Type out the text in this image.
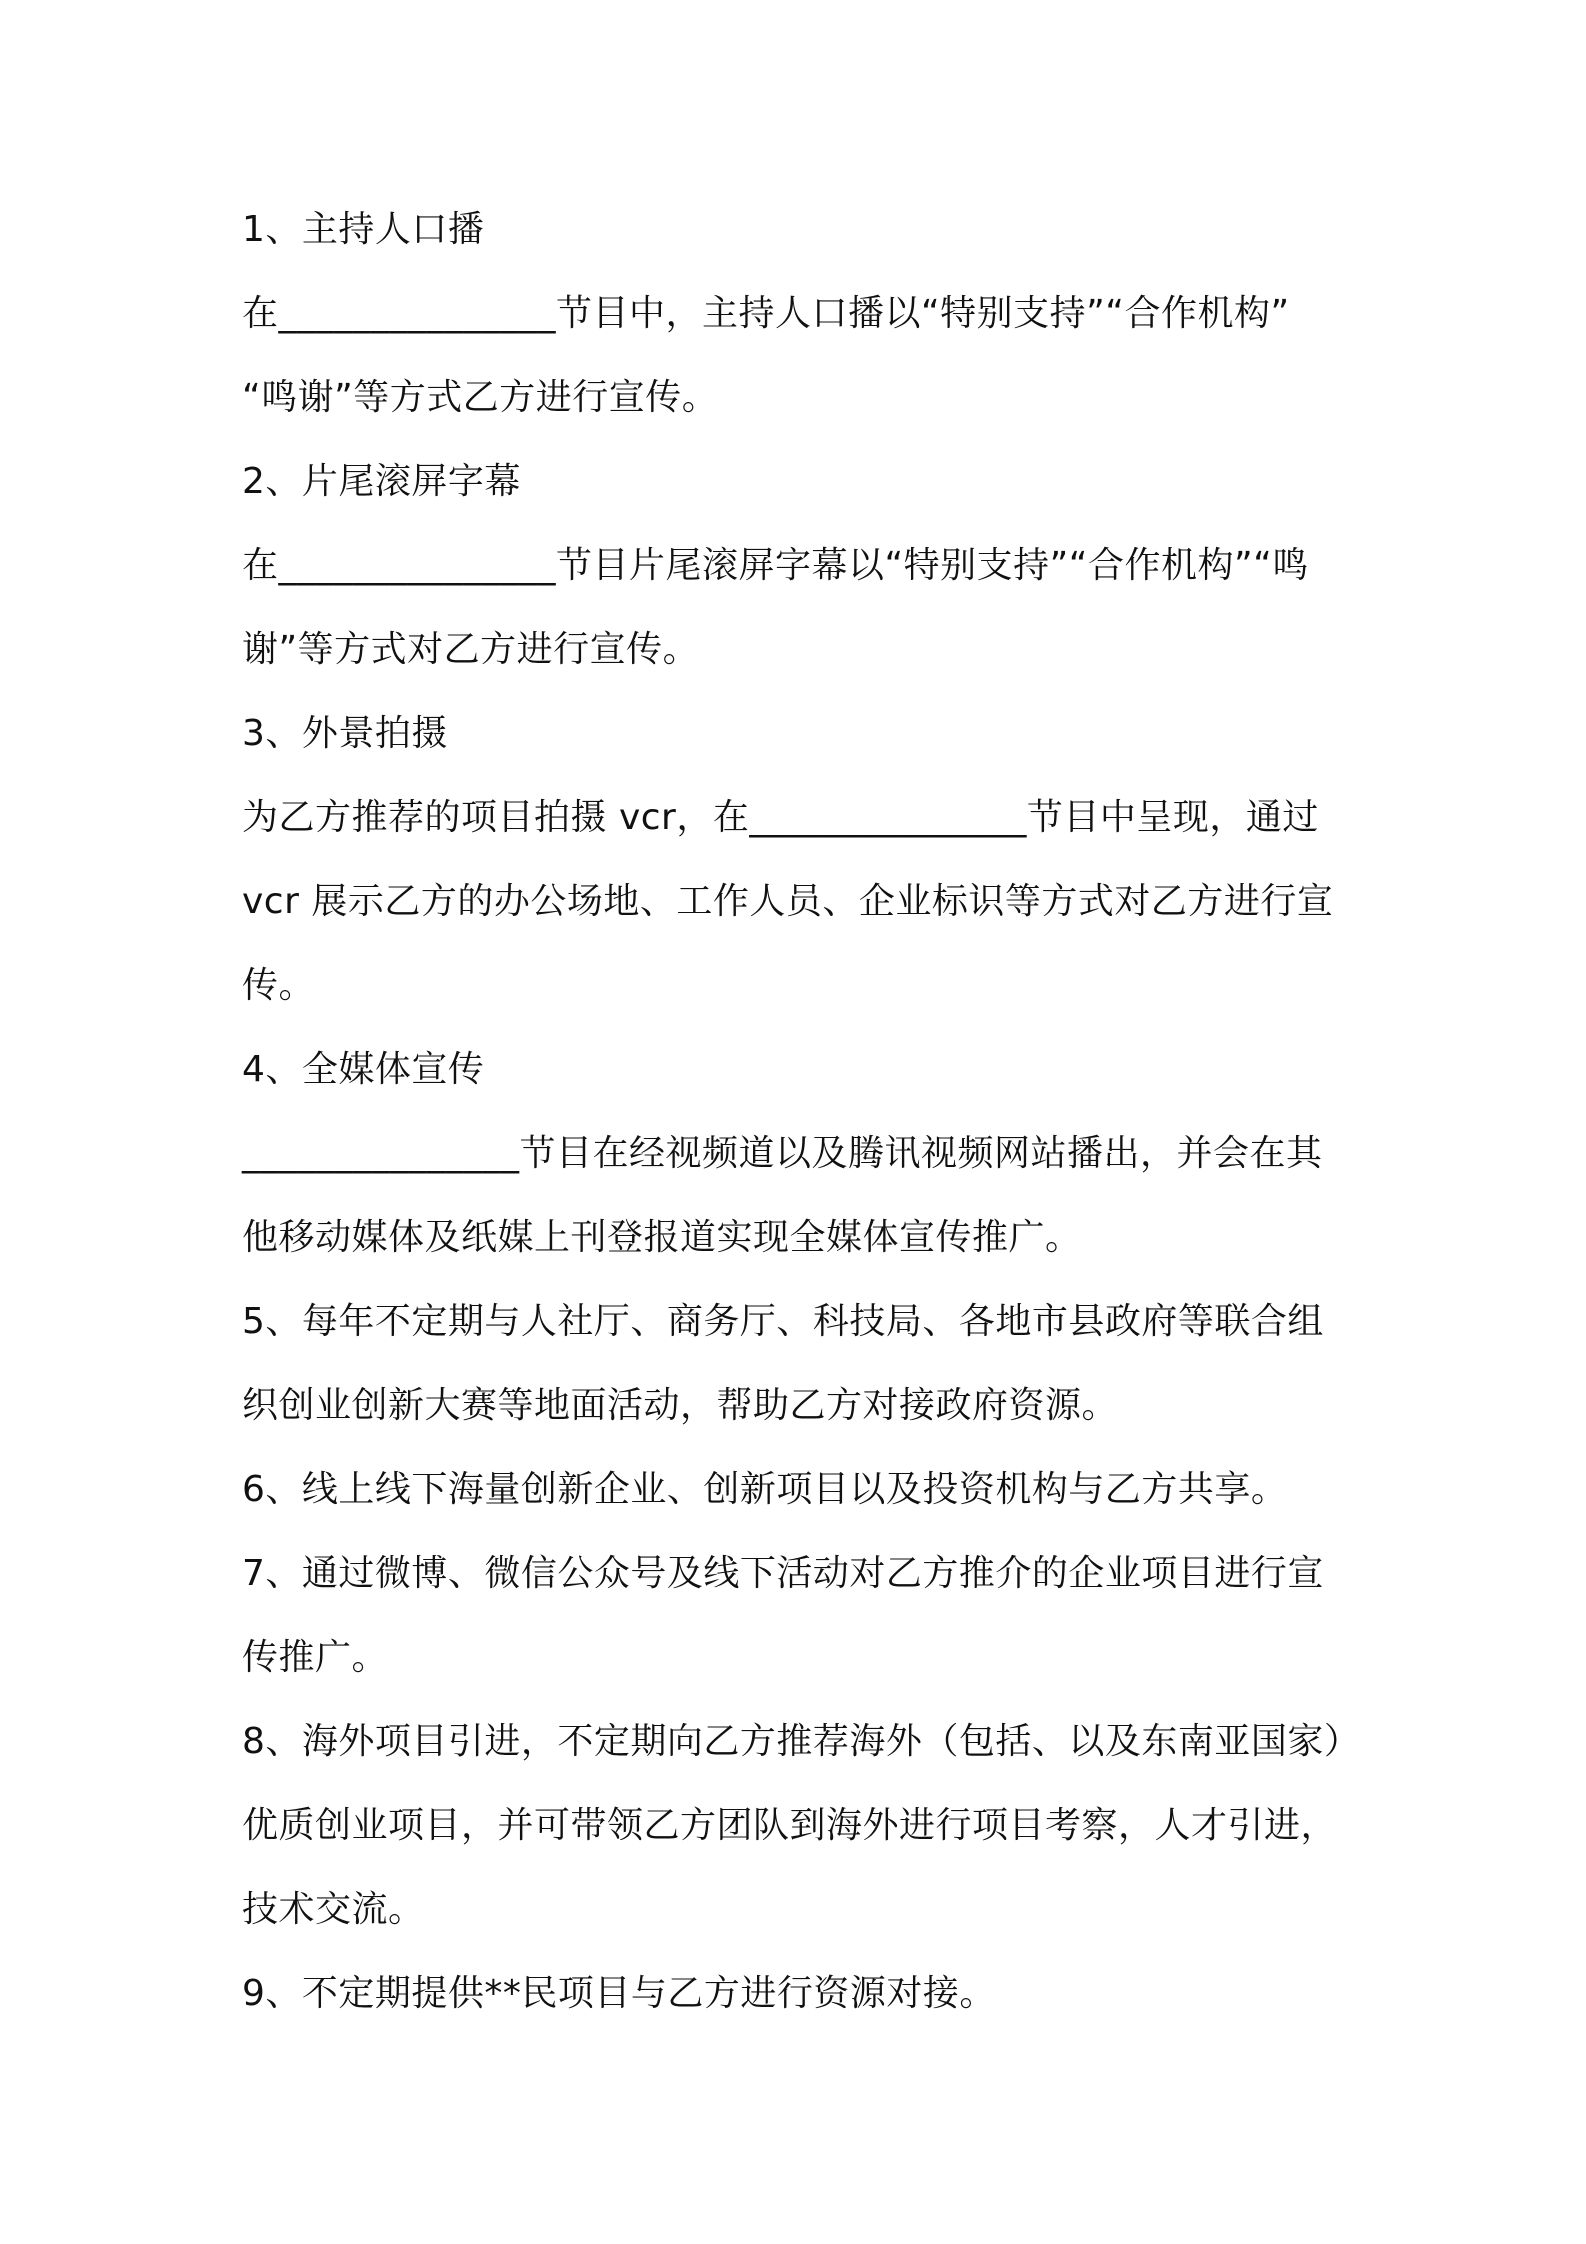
1、主持人口播
在_______________节目中，主持人口播以“特别支持”“合作机构”
“鸣谢”等方式乙方进行宣传。
2、片尾滚屏字幕
在_______________节目片尾滚屏字幕以“特别支持”“合作机构”“鸣
谢”等方式对乙方进行宣传。
3、外景拍摄
为乙方推荐的项目拍摄 vcr，在_______________节目中呈现，通过
vcr 展示乙方的办公场地、工作人员、企业标识等方式对乙方进行宣
传。
4、全媒体宣传
_______________节目在经视频道以及腾讯视频网站播出，并会在其
他移动媒体及纸媒上刊登报道实现全媒体宣传推广。
5、每年不定期与人社厅、商务厅、科技局、各地市县政府等联合组
织创业创新大赛等地面活动，帮助乙方对接政府资源。
6、线上线下海量创新企业、创新项目以及投资机构与乙方共享。
7、通过微博、微信公众号及线下活动对乙方推介的企业项目进行宣
传推广。
8、海外项目引进，不定期向乙方推荐海外（包括、以及东南亚国家）
优质创业项目，并可带领乙方团队到海外进行项目考察，人才引进，
技术交流。
9、不定期提供**民项目与乙方进行资源对接。
